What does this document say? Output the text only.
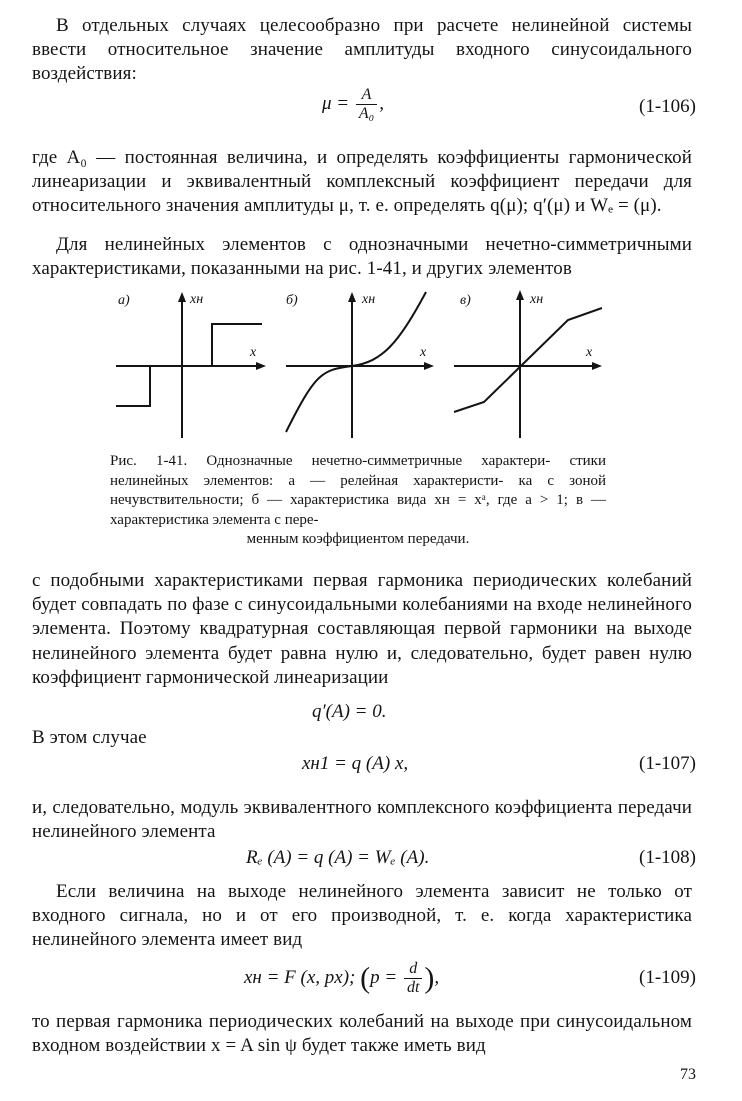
В отдельных случаях целесообразно при расчете нелинейной системы ввести относительное значение амплитуды входного синусоидального воздействия:
$\mu = \frac{A}{\text{A₀}}$ ,	(1-106)
где A₀ — постоянная величина, и определять коэффициенты гармонической линеаризации и эквивалентный комплексный коэффициент передачи для относительного значения амплитуды μ, т. е. определять q(μ); q′(μ) и Wₑ = (μ).
Для нелинейных элементов с однозначными нечетно-симметричными характеристиками, показанными на рис. 1-41, и других элементов
а)	xн
x
б)	xн
x
в)	xн
x
Рис. 1-41. Однозначные нечетно-симметричные характери- стики нелинейных элементов: а — релейная характеристи- ка с зоной нечувствительности; б — характеристика вида xн = xᵃ, где a > 1; в — характеристика элемента с пере-
менным коэффициентом передачи.
с подобными характеристиками первая гармоника периодических колебаний будет совпадать по фазе с синусоидальными колебаниями на входе нелинейного элемента. Поэтому квадратурная составляющая первой гармоники на выходе нелинейного элемента будет равна нулю и, следовательно, будет равен нулю коэффициент гармонической линеаризации
q′(A) = 0.
В этом случае
xн1 = q (A) x,	(1-107)
и, следовательно, модуль эквивалентного комплексного коэффициента передачи нелинейного элемента
Rₑ (A) = q (A) = Wₑ (A).	(1-108)
Если величина на выходе нелинейного элемента зависит не только от входного сигнала, но и от его производной, т. е. когда характеристика нелинейного элемента имеет вид
xн = F (x, px); ($p = \frac{d}{dt}$ ),	(1-109)
то первая гармоника периодических колебаний на выходе при синусоидальном входном воздействии x = A sin ψ будет также иметь вид
73
